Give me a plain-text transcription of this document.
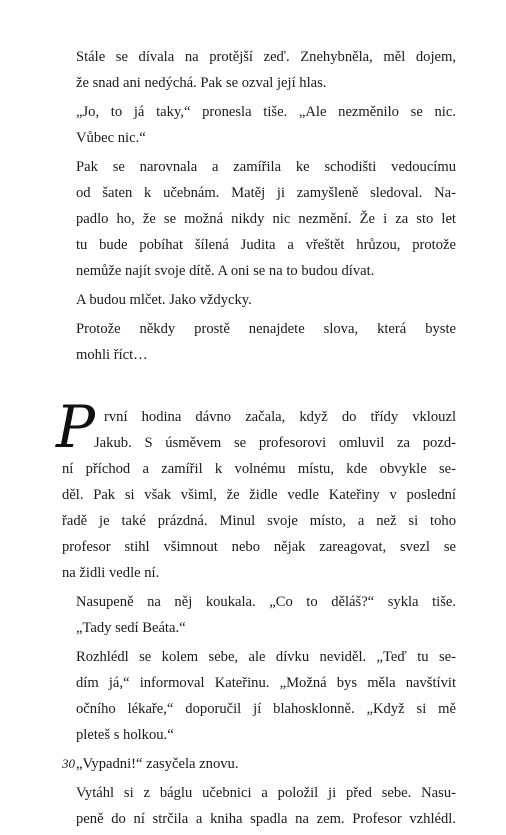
Stále se dívala na protější zeď. Znehybněla, měl dojem,
že snad ani nedýchá. Pak se ozval její hlas.
„Jo, to já taky,“ pronesla tiše. „Ale nezměnilo se nic.
Vůbec nic.“
Pak se narovnala a zamířila ke schodišti vedoucímu
od šaten k učebnám. Matěj ji zamyšleně sledoval. Na-
padlo ho, že se možná nikdy nic nezmění. Že i za sto let
tu bude pobíhat šílená Judita a vřeštět hrůzou, protože
nemůže najít svoje dítě. A oni se na to budou dívat.
A budou mlčet. Jako vždycky.
Protože někdy prostě nenajdete slova, která byste
mohli říct…
P rvní hodina dávno začala, když do třídy vklouzl
Jakub. S úsměvem se profesorovi omluvil za pozd-
ní příchod a zamířil k volnému místu, kde obvykle se-
děl. Pak si však všiml, že židle vedle Kateřiny v poslední
řadě je také prázdná. Minul svoje místo, a než si toho
profesor stihl všimnout nebo nějak zareagovat, svezl se
na židli vedle ní.
Nasupeně na něj koukala. „Co to děláš?“ sykla tiše.
„Tady sedí Beáta.“
Rozhlédl se kolem sebe, ale dívku neviděl. „Teď tu se-
dím já,“ informoval Kateřinu. „Možná bys měla navštívit
očního lékaře,“ doporučil jí blahosklonně. „Když si mě
pleteš s holkou.“
„Vypadni!“ zasyčela znovu.
Vytáhl si z báglu učebnici a položil ji před sebe. Nasu-
peně do ní strčila a kniha spadla na zem. Profesor vzhlédl.
30
